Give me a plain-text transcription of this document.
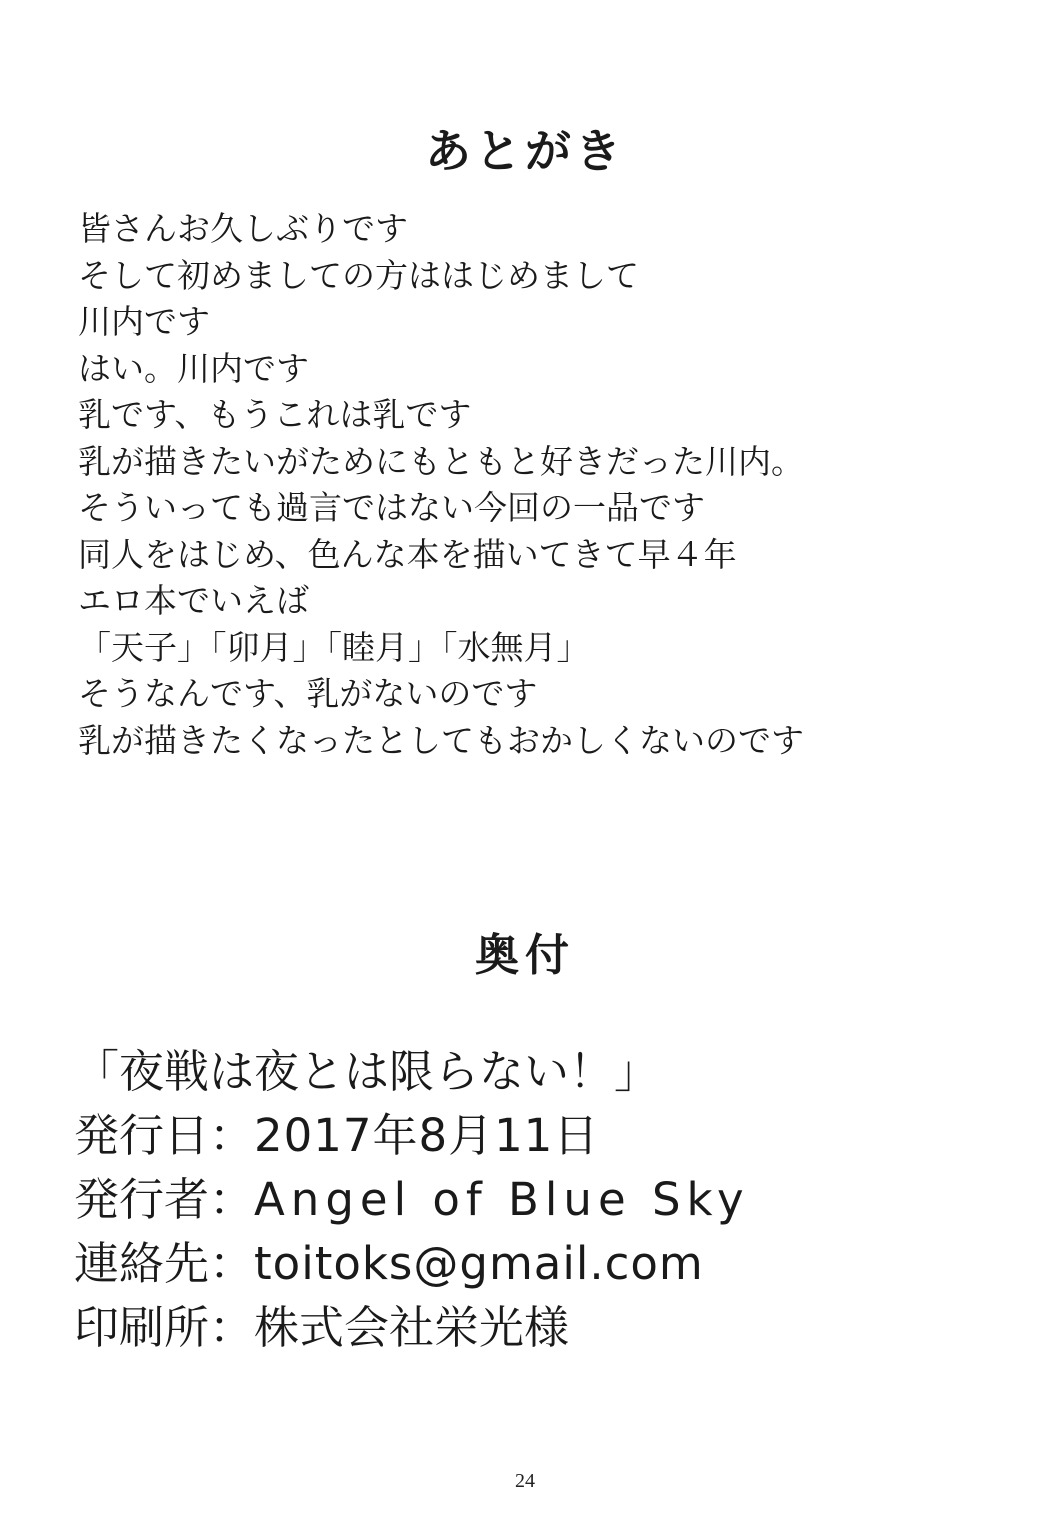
あとがき
皆さんお久しぶりです
そして初めましての方ははじめまして
川内です
はい。川内です
乳です、もうこれは乳です
乳が描きたいがためにもともと好きだった川内。
そういっても過言ではない今回の一品です
同人をはじめ、色んな本を描いてきて早４年
エロ本でいえば
「天子」「卯月」「睦月」「水無月」
そうなんです、乳がないのです
乳が描きたくなったとしてもおかしくないのです
奥付
「夜戦は夜とは限らない！」
発行日：2017年8月11日
発行者：Angel of Blue Sky
連絡先：toitoks@gmail.com
印刷所：株式会社栄光様
24
